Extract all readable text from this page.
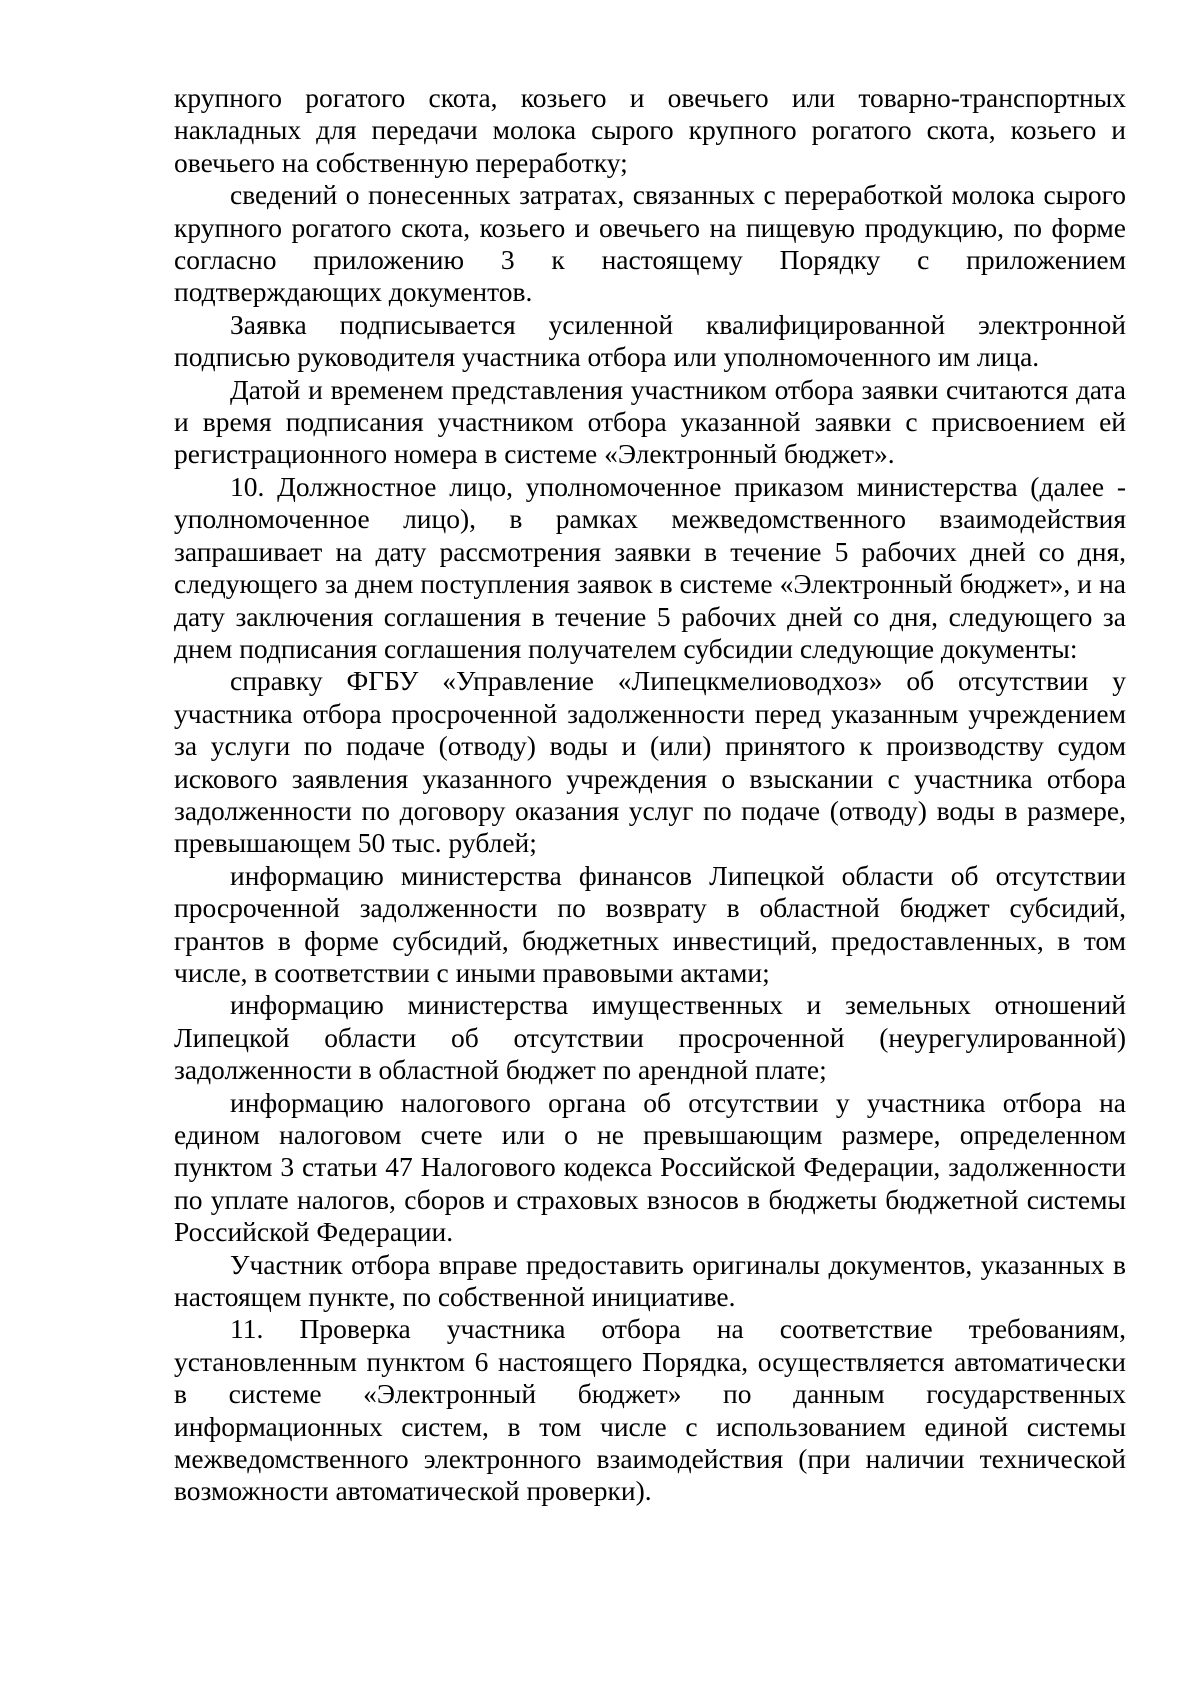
крупного рогатого скота, козьего и овечьего или товарно-транспортных накладных для передачи молока сырого крупного рогатого скота, козьего и овечьего на собственную переработку;

сведений о понесенных затратах, связанных с переработкой молока сырого крупного рогатого скота, козьего и овечьего на пищевую продукцию, по форме согласно приложению 3 к настоящему Порядку с приложением подтверждающих документов.

Заявка подписывается усиленной квалифицированной электронной подписью руководителя участника отбора или уполномоченного им лица.

Датой и временем представления участником отбора заявки считаются дата и время подписания участником отбора указанной заявки с присвоением ей регистрационного номера в системе «Электронный бюджет».

10. Должностное лицо, уполномоченное приказом министерства (далее - уполномоченное лицо), в рамках межведомственного взаимодействия запрашивает на дату рассмотрения заявки в течение 5 рабочих дней со дня, следующего за днем поступления заявок в системе «Электронный бюджет», и на дату заключения соглашения в течение 5 рабочих дней со дня, следующего за днем подписания соглашения получателем субсидии следующие документы:

справку ФГБУ «Управление «Липецкмелиоводхоз» об отсутствии у участника отбора просроченной задолженности перед указанным учреждением за услуги по подаче (отводу) воды и (или) принятого к производству судом искового заявления указанного учреждения о взыскании с участника отбора задолженности по договору оказания услуг по подаче (отводу) воды в размере, превышающем 50 тыс. рублей;

информацию министерства финансов Липецкой области об отсутствии просроченной задолженности по возврату в областной бюджет субсидий, грантов в форме субсидий, бюджетных инвестиций, предоставленных, в том числе, в соответствии с иными правовыми актами;

информацию министерства имущественных и земельных отношений Липецкой области об отсутствии просроченной (неурегулированной) задолженности в областной бюджет по арендной плате;

информацию налогового органа об отсутствии у участника отбора на едином налоговом счете или о не превышающим размере, определенном пунктом 3 статьи 47 Налогового кодекса Российской Федерации, задолженности по уплате налогов, сборов и страховых взносов в бюджеты бюджетной системы Российской Федерации.

Участник отбора вправе предоставить оригиналы документов, указанных в настоящем пункте, по собственной инициативе.

11. Проверка участника отбора на соответствие требованиям, установленным пунктом 6 настоящего Порядка, осуществляется автоматически в системе «Электронный бюджет» по данным государственных информационных систем, в том числе с использованием единой системы межведомственного электронного взаимодействия (при наличии технической возможности автоматической проверки).
